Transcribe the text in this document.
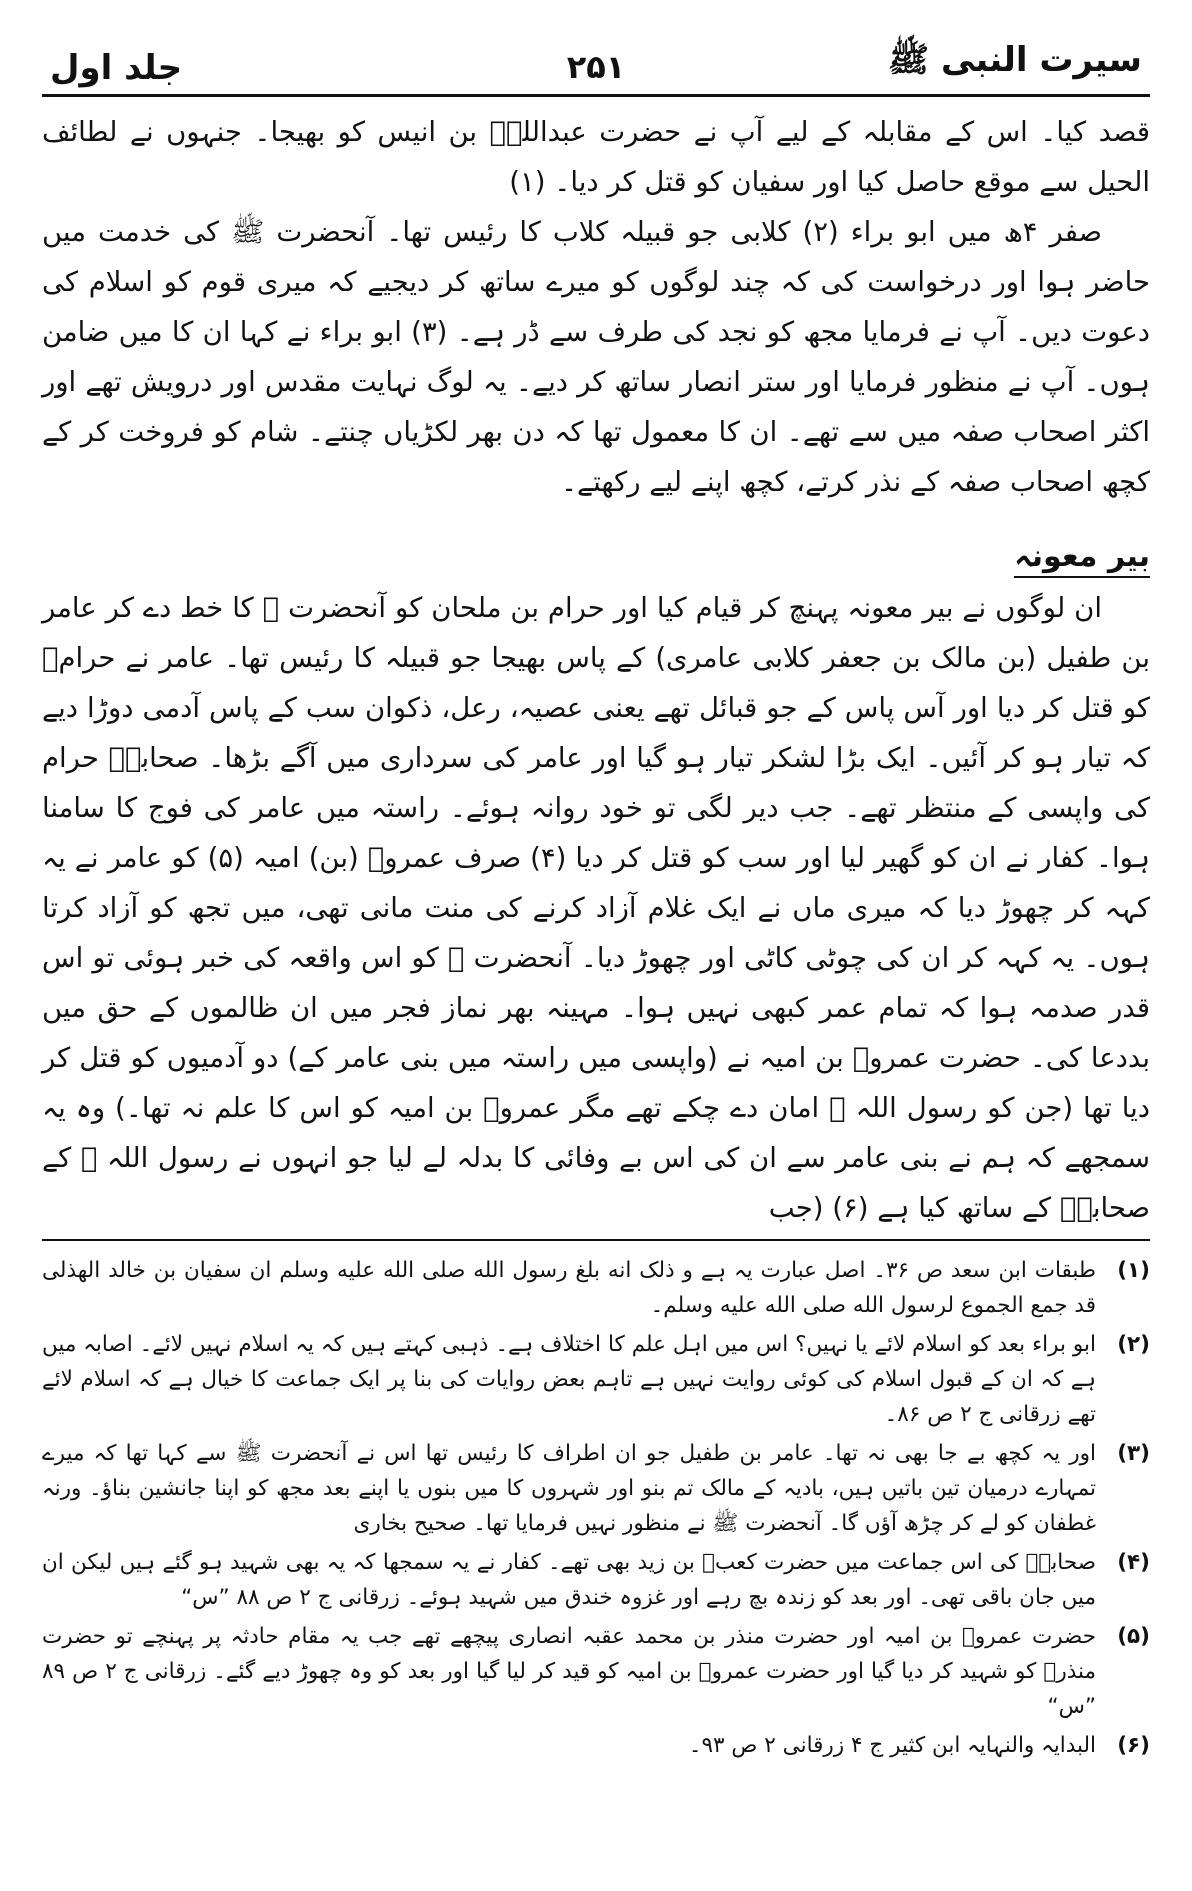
سیرت النبی ﷺ
۲۵۱
جلد اول

قصد کیا۔ اس کے مقابلہ کے لیے آپ نے حضرت عبداللہؓ بن انیس کو بھیجا۔ جنہوں نے لطائف الحیل سے موقع حاصل کیا اور سفیان کو قتل کر دیا۔ (۱)

صفر ۴ھ میں ابو براء (۲) کلابی جو قبیلہ کلاب کا رئیس تھا۔ آنحضرت ﷺ کی خدمت میں حاضر ہوا اور درخواست کی کہ چند لوگوں کو میرے ساتھ کر دیجیے کہ میری قوم کو اسلام کی دعوت دیں۔ آپ نے فرمایا مجھ کو نجد کی طرف سے ڈر ہے۔ (۳) ابو براء نے کہا ان کا میں ضامن ہوں۔ آپ نے منظور فرمایا اور ستر انصار ساتھ کر دیے۔ یہ لوگ نہایت مقدس اور درویش تھے اور اکثر اصحاب صفہ میں سے تھے۔ ان کا معمول تھا کہ دن بھر لکڑیاں چنتے۔ شام کو فروخت کر کے کچھ اصحاب صفہ کے نذر کرتے، کچھ اپنے لیے رکھتے۔

بیر معونہ

ان لوگوں نے بیر معونہ پہنچ کر قیام کیا اور حرام بن ملحان کو آنحضرت ﷺ کا خط دے کر عامر بن طفیل (بن مالک بن جعفر کلابی عامری) کے پاس بھیجا جو قبیلہ کا رئیس تھا۔ عامر نے حرامؓ کو قتل کر دیا اور آس پاس کے جو قبائل تھے یعنی عصیہ، رعل، ذکوان سب کے پاس آدمی دوڑا دیے کہ تیار ہو کر آئیں۔ ایک بڑا لشکر تیار ہو گیا اور عامر کی سرداری میں آگے بڑھا۔ صحابہؓ حرام کی واپسی کے منتظر تھے۔ جب دیر لگی تو خود روانہ ہوئے۔ راستہ میں عامر کی فوج کا سامنا ہوا۔ کفار نے ان کو گھیر لیا اور سب کو قتل کر دیا (۴) صرف عمروؓ (بن) امیہ (۵) کو عامر نے یہ کہہ کر چھوڑ دیا کہ میری ماں نے ایک غلام آزاد کرنے کی منت مانی تھی، میں تجھ کو آزاد کرتا ہوں۔ یہ کہہ کر ان کی چوٹی کاٹی اور چھوڑ دیا۔ آنحضرت ﷺ کو اس واقعہ کی خبر ہوئی تو اس قدر صدمہ ہوا کہ تمام عمر کبھی نہیں ہوا۔ مہینہ بھر نماز فجر میں ان ظالموں کے حق میں بددعا کی۔ حضرت عمروؓ بن امیہ نے (واپسی میں راستہ میں بنی عامر کے) دو آدمیوں کو قتل کر دیا تھا (جن کو رسول اللہ ﷺ امان دے چکے تھے مگر عمروؓ بن امیہ کو اس کا علم نہ تھا۔) وہ یہ سمجھے کہ ہم نے بنی عامر سے ان کی اس بے وفائی کا بدلہ لے لیا جو انہوں نے رسول اللہ ﷺ کے صحابہؓ کے ساتھ کیا ہے (۶) (جب

(۱)
طبقات ابن سعد ص ۳۶۔ اصل عبارت یہ ہے و ذلک انه بلغ رسول الله صلی الله علیه وسلم ان سفیان بن خالد الهذلی قد جمع الجموع لرسول الله صلی الله علیه وسلم۔
(۲)
ابو براء بعد کو اسلام لائے یا نہیں؟ اس میں اہل علم کا اختلاف ہے۔ ذہبی کہتے ہیں کہ یہ اسلام نہیں لائے۔ اصابہ میں ہے کہ ان کے قبول اسلام کی کوئی روایت نہیں ہے تاہم بعض روایات کی بنا پر ایک جماعت کا خیال ہے کہ اسلام لائے تھے زرقانی ج ۲ ص ۸۶۔
(۳)
اور یہ کچھ بے جا بھی نہ تھا۔ عامر بن طفیل جو ان اطراف کا رئیس تھا اس نے آنحضرت ﷺ سے کہا تھا کہ میرے تمہارے درمیان تین باتیں ہیں، بادیہ کے مالک تم بنو اور شہروں کا میں بنوں یا اپنے بعد مجھ کو اپنا جانشین بناؤ۔ ورنہ غطفان کو لے کر چڑھ آؤں گا۔ آنحضرت ﷺ نے منظور نہیں فرمایا تھا۔ صحیح بخاری
(۴)
صحابہؓ کی اس جماعت میں حضرت کعبؓ بن زید بھی تھے۔ کفار نے یہ سمجھا کہ یہ بھی شہید ہو گئے ہیں لیکن ان میں جان باقی تھی۔ اور بعد کو زندہ بچ رہے اور غزوہ خندق میں شہید ہوئے۔ زرقانی ج ۲ ص ۸۸ ”س“
(۵)
حضرت عمروؓ بن امیہ اور حضرت منذر بن محمد عقبہ انصاری پیچھے تھے جب یہ مقام حادثہ پر پہنچے تو حضرت منذرؓ کو شہید کر دیا گیا اور حضرت عمروؓ بن امیہ کو قید کر لیا گیا اور بعد کو وہ چھوڑ دیے گئے۔ زرقانی ج ۲ ص ۸۹ ”س“
(۶)
البدایہ والنہایہ ابن کثیر ج ۴ زرقانی ۲ ص ۹۳۔
